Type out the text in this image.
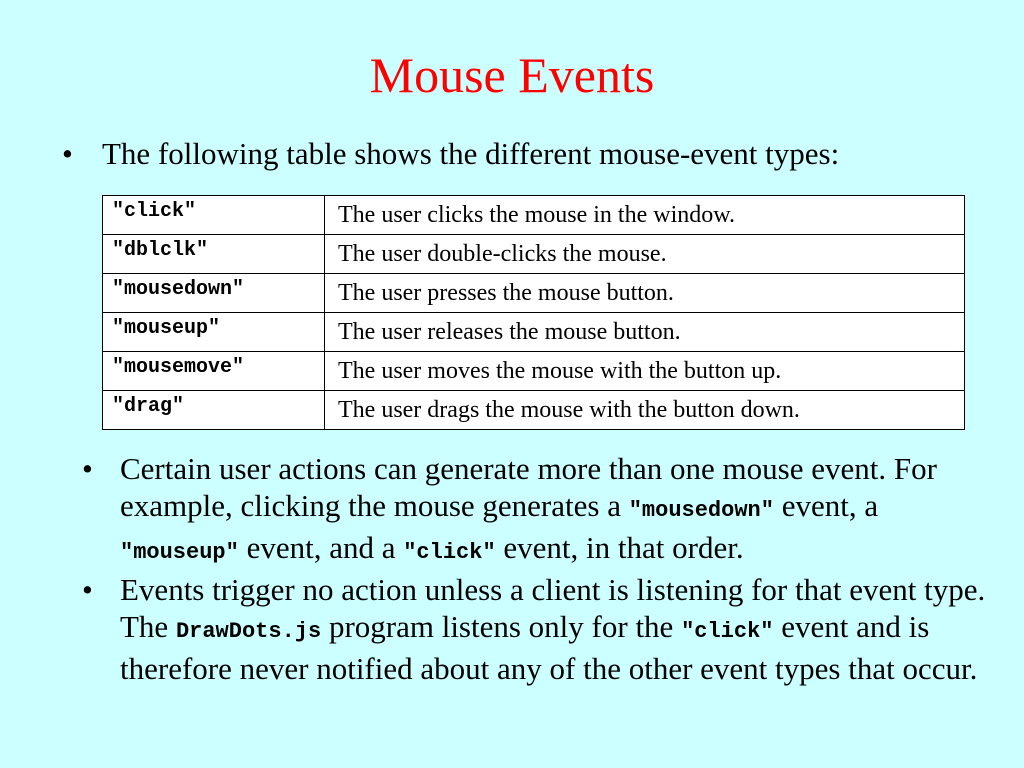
Mouse Events
• The following table shows the different mouse-event types:
"click"	The user clicks the mouse in the window.
"dblclk"	The user double-clicks the mouse.
"mousedown"	The user presses the mouse button.
"mouseup"	The user releases the mouse button.
"mousemove"	The user moves the mouse with the button up.
"drag"	The user drags the mouse with the button down.
• Certain user actions can generate more than one mouse event. For example, clicking the mouse generates a "mousedown" event, a "mouseup" event, and a "click" event, in that order.
• Events trigger no action unless a client is listening for that event type. The DrawDots.js program listens only for the "click" event and is therefore never notified about any of the other event types that occur.
